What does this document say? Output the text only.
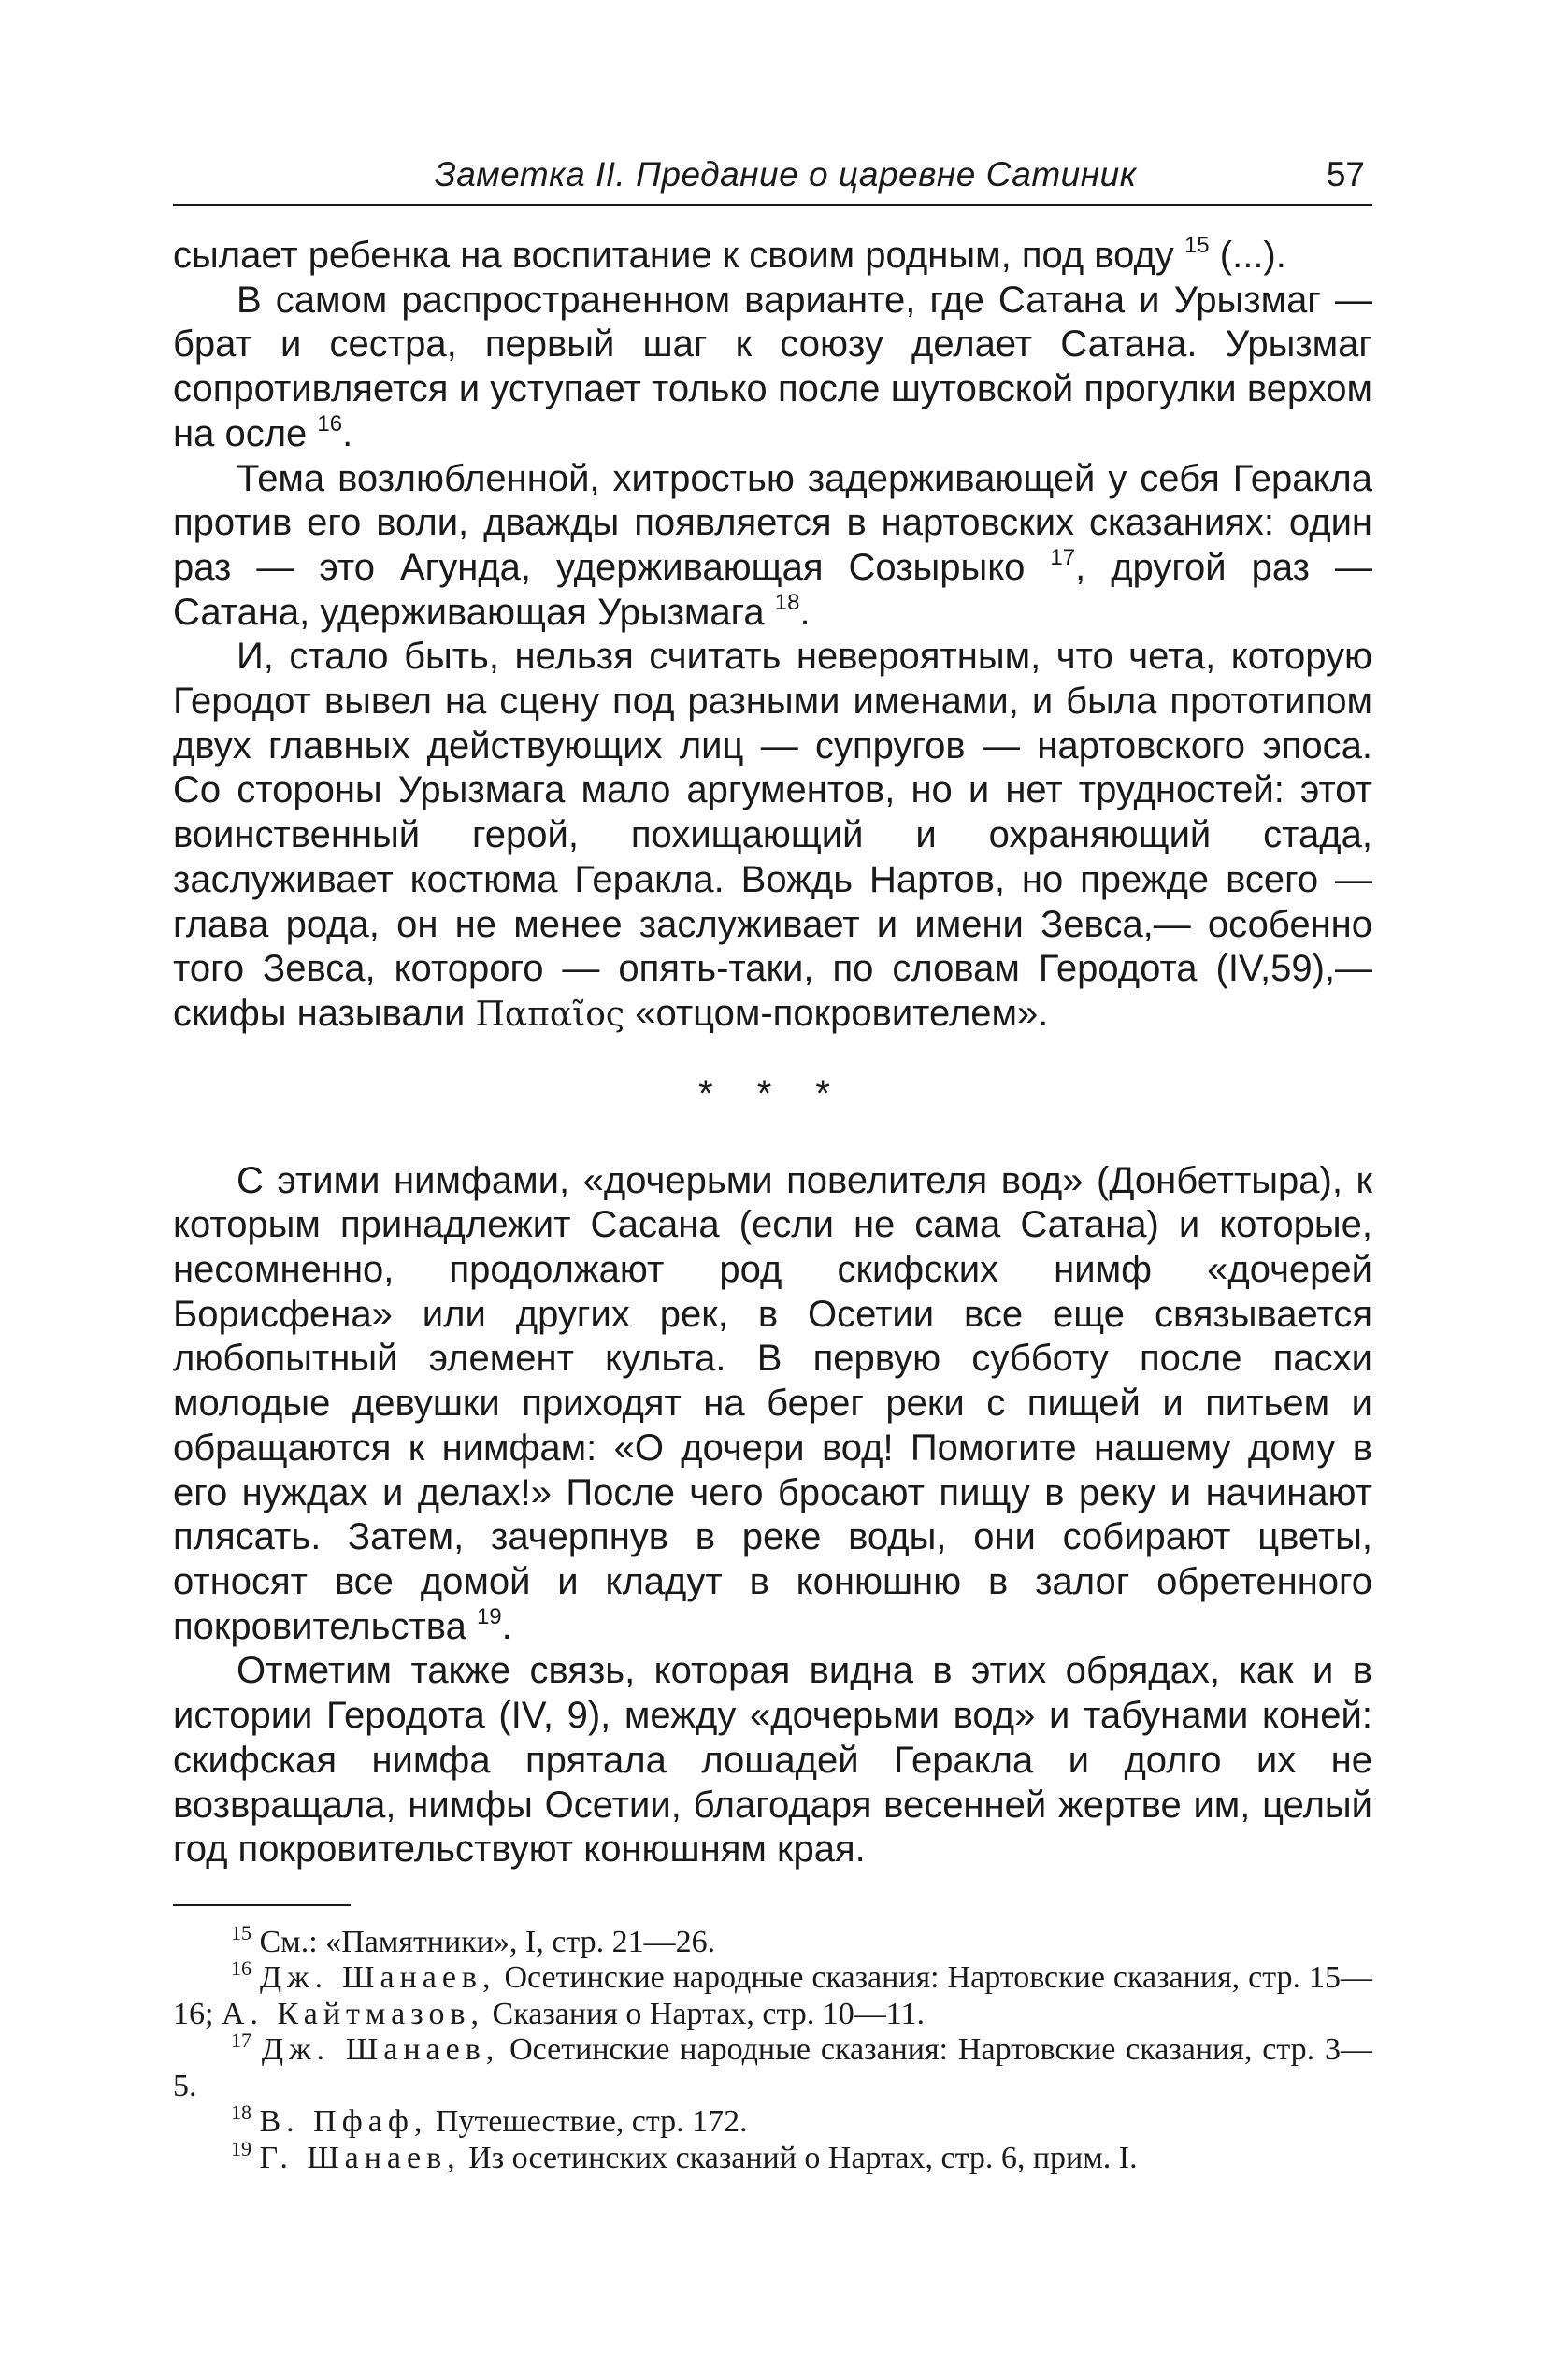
Заметка II. Предание о царевне Сатиник	57

сылает ребенка на воспитание к своим родным, под воду $^{15}$ (...).

В самом распространенном варианте, где Сатана и Урызмаг — брат и сестра, первый шаг к союзу делает Сатана. Урызмаг сопротивляется и уступает только после шутовской прогулки верхом на осле $^{16}$.

Тема возлюбленной, хитростью задерживающей у себя Геракла против его воли, дважды появляется в нартовских сказаниях: один раз — это Агунда, удерживающая Созырыко $^{17}$, другой раз — Сатана, удерживающая Урызмага $^{18}$.

И, стало быть, нельзя считать невероятным, что чета, которую Геродот вывел на сцену под разными именами, и была прототипом двух главных действующих лиц — супругов — нартовского эпоса. Со стороны Урызмага мало аргументов, но и нет трудностей: этот воинственный герой, похищающий и охраняющий стада, заслуживает костюма Геракла. Вождь Нартов, но прежде всего — глава рода, он не менее заслуживает и имени Зевса,— особенно того Зевса, которого — опять-таки, по словам Геродота (IV,59),— скифы называли Παπαῖος «отцом-покровителем».

* * *

С этими нимфами, «дочерьми повелителя вод» (Донбеттыра), к которым принадлежит Сасана (если не сама Сатана) и которые, несомненно, продолжают род скифских нимф «дочерей Борисфена» или других рек, в Осетии все еще связывается любопытный элемент культа. В первую субботу после пасхи молодые девушки приходят на берег реки с пищей и питьем и обращаются к нимфам: «О дочери вод! Помогите нашему дому в его нуждах и делах!» После чего бросают пищу в реку и начинают плясать. Затем, зачерпнув в реке воды, они собирают цветы, относят все домой и кладут в конюшню в залог обретенного покровительства $^{19}$.

Отметим также связь, которая видна в этих обрядах, как и в истории Геродота (IV, 9), между «дочерьми вод» и табунами коней: скифская нимфа прятала лошадей Геракла и долго их не возвращала, нимфы Осетии, благодаря весенней жертве им, целый год покровительствуют конюшням края.

$^{15}$ См.: «Памятники», I, стр. 21—26.

$^{16}$ Дж. Шанаев, Осетинские народные сказания: Нартовские сказания, стр. 15—16; А. Кайтмазов, Сказания о Нартах, стр. 10—11.

$^{17}$ Дж. Шанаев, Осетинские народные сказания: Нартовские сказания, стр. 3—5.

$^{18}$ В. Пфаф, Путешествие, стр. 172.

$^{19}$ Г. Шанаев, Из осетинских сказаний о Нартах, стр. 6, прим. I.
